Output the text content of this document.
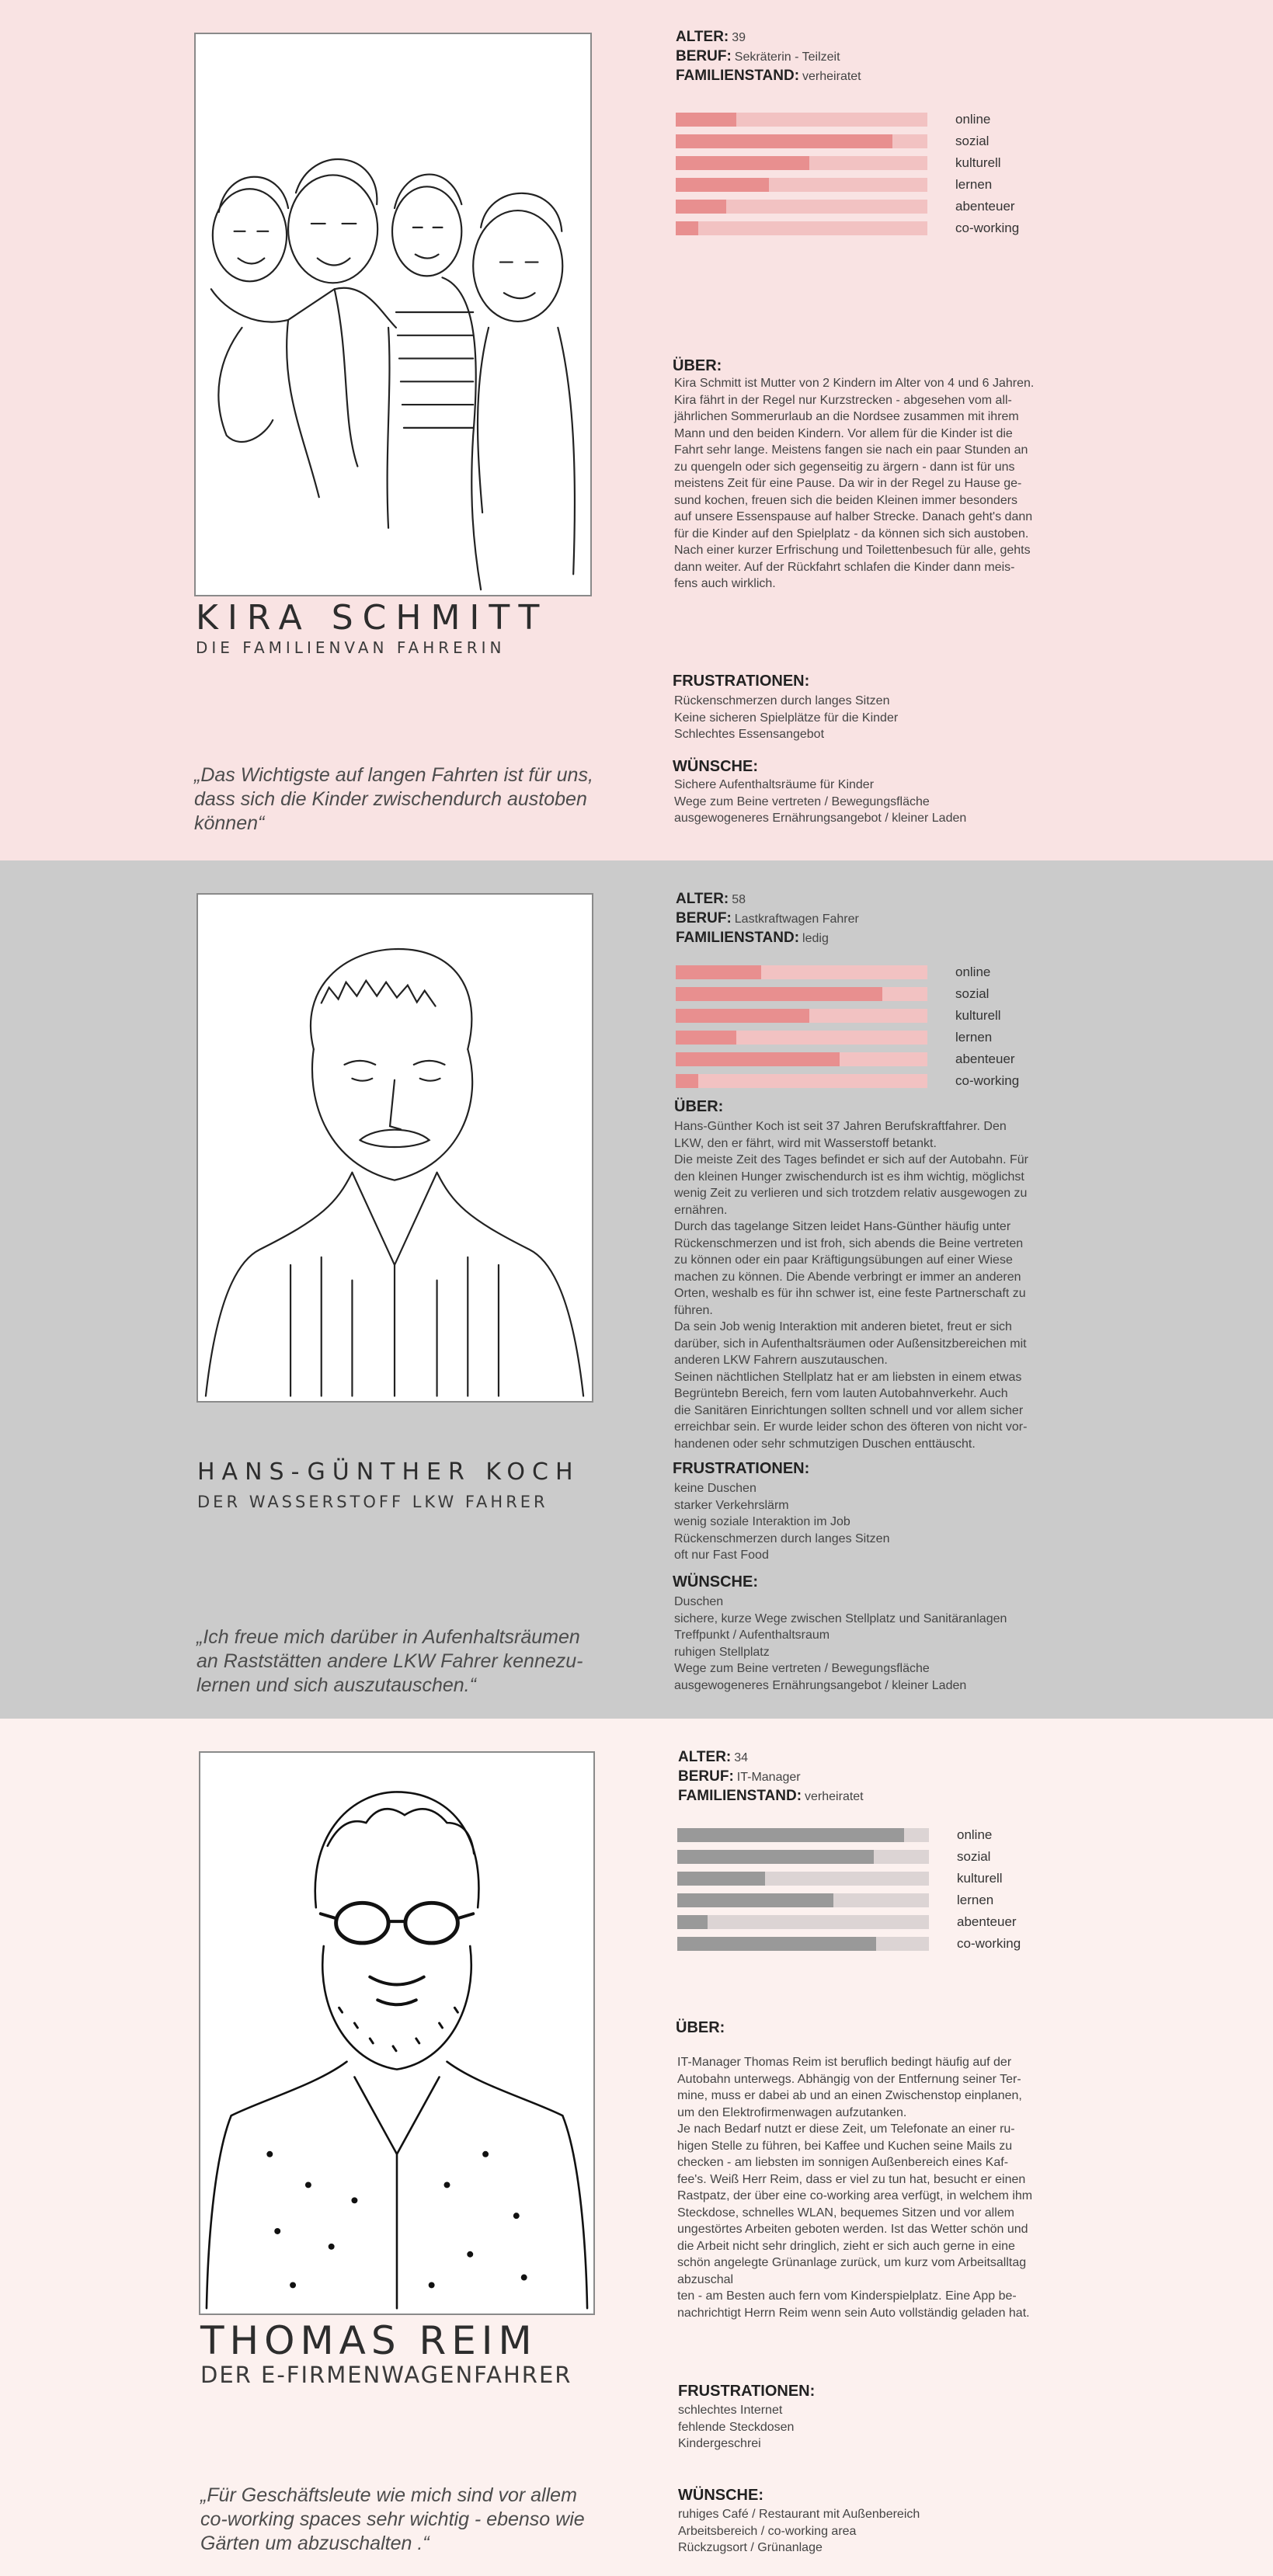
KIRA SCHMITT
DIE FAMILIENVAN FAHRERIN
„Das Wichtigste auf langen Fahrten ist für uns,
dass sich die Kinder zwischendurch austoben
können“
ALTER: 39
BERUF: Sekräterin - Teilzeit
FAMILIENSTAND: verheiratet
online
sozial
kulturell
lernen
abenteuer
co-working
ÜBER:
Kira Schmitt ist Mutter von 2 Kindern im Alter von 4 und 6 Jahren.
Kira fährt in der Regel nur Kurzstrecken - abgesehen vom all-
jährlichen Sommerurlaub an die Nordsee zusammen mit ihrem
Mann und den beiden Kindern. Vor allem für die Kinder ist die
Fahrt sehr lange. Meistens fangen sie nach ein paar Stunden an
zu quengeln oder sich gegenseitig zu ärgern - dann ist für uns
meistens Zeit für eine Pause. Da wir in der Regel zu Hause ge-
sund kochen, freuen sich die beiden Kleinen immer besonders
auf unsere Essenspause auf halber Strecke. Danach geht's dann
für die Kinder auf den Spielplatz - da können sich sich austoben.
Nach einer kurzer Erfrischung und Toilettenbesuch für alle, gehts
dann weiter. Auf der Rückfahrt schlafen die Kinder dann meis-
fens auch wirklich.
FRUSTRATIONEN:
Rückenschmerzen durch langes Sitzen
Keine sicheren Spielplätze für die Kinder
Schlechtes Essensangebot
WÜNSCHE:
Sichere Aufenthaltsräume für Kinder
Wege zum Beine vertreten / Bewegungsfläche
ausgewogeneres Ernährungsangebot / kleiner Laden
HANS-GÜNTHER KOCH
DER WASSERSTOFF LKW FAHRER
„Ich freue mich darüber in Aufenhaltsräumen
an Raststätten andere LKW Fahrer kennezu-
lernen und sich auszutauschen.“
ALTER: 58
BERUF: Lastkraftwagen Fahrer
FAMILIENSTAND: ledig
online
sozial
kulturell
lernen
abenteuer
co-working
ÜBER:
Hans-Günther Koch ist seit 37 Jahren Berufskraftfahrer. Den
LKW, den er fährt, wird mit Wasserstoff betankt.
Die meiste Zeit des Tages befindet er sich auf der Autobahn. Für
den kleinen Hunger zwischendurch ist es ihm wichtig, möglichst
wenig Zeit zu verlieren und sich trotzdem relativ ausgewogen zu
ernähren.
Durch das tagelange Sitzen leidet Hans-Günther häufig unter
Rückenschmerzen und ist froh, sich abends die Beine vertreten
zu können oder ein paar Kräftigungsübungen auf einer Wiese
machen zu können. Die Abende verbringt er immer an anderen
Orten, weshalb es für ihn schwer ist, eine feste Partnerschaft zu
führen.
Da sein Job wenig Interaktion mit anderen bietet, freut er sich
darüber, sich in Aufenthaltsräumen oder Außensitzbereichen mit
anderen LKW Fahrern auszutauschen.
Seinen nächtlichen Stellplatz hat er am liebsten in einem etwas
Begrüntebn Bereich, fern vom lauten Autobahnverkehr. Auch
die Sanitären Einrichtungen sollten schnell und vor allem sicher
erreichbar sein. Er wurde leider schon des öfteren von nicht vor-
handenen oder sehr schmutzigen Duschen enttäuscht.
FRUSTRATIONEN:
keine Duschen
starker Verkehrslärm
wenig soziale Interaktion im Job
Rückenschmerzen durch langes Sitzen
oft nur Fast Food
WÜNSCHE:
Duschen
sichere, kurze Wege zwischen Stellplatz und Sanitäranlagen
Treffpunkt / Aufenthaltsraum
ruhigen Stellplatz
Wege zum Beine vertreten / Bewegungsfläche
ausgewogeneres Ernährungsangebot / kleiner Laden
THOMAS REIM
DER E-FIRMENWAGENFAHRER
„Für Geschäftsleute wie mich sind vor allem
co-working spaces sehr wichtig - ebenso wie
Gärten um abzuschalten .“
ALTER: 34
BERUF: IT-Manager
FAMILIENSTAND: verheiratet
online
sozial
kulturell
lernen
abenteuer
co-working
ÜBER:
IT-Manager Thomas Reim ist beruflich bedingt häufig auf der
Autobahn unterwegs. Abhängig von der Entfernung seiner Ter-
mine, muss er dabei ab und an einen Zwischenstop einplanen,
um den Elektrofirmenwagen aufzutanken.
Je nach Bedarf nutzt er diese Zeit, um Telefonate an einer ru-
higen Stelle zu führen, bei Kaffee und Kuchen seine Mails zu
checken - am liebsten im sonnigen Außenbereich eines Kaf-
fee's. Weiß Herr Reim, dass er viel zu tun hat, besucht er einen
Rastpatz, der über eine co-working area verfügt, in welchem ihm
Steckdose, schnelles WLAN, bequemes Sitzen und vor allem
ungestörtes Arbeiten geboten werden. Ist das Wetter schön und
die Arbeit nicht sehr dringlich, zieht er sich auch gerne in eine
schön angelegte Grünanlage zurück, um kurz vom Arbeitsalltag
abzuschal
ten - am Besten auch fern vom Kinderspielplatz. Eine App be-
nachrichtigt Herrn Reim wenn sein Auto vollständig geladen hat.
FRUSTRATIONEN:
schlechtes Internet
fehlende Steckdosen
Kindergeschrei
WÜNSCHE:
ruhiges Café / Restaurant mit Außenbereich
Arbeitsbereich / co-working area
Rückzugsort / Grünanlage
